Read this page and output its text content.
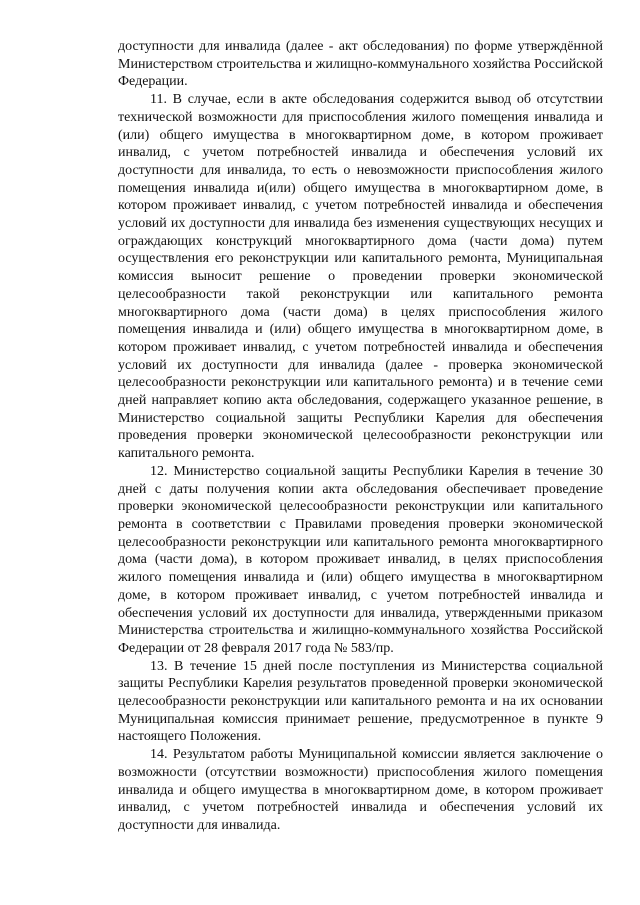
доступности для инвалида (далее - акт обследования) по форме утверждённой Министерством строительства и жилищно-коммунального хозяйства Российской Федерации.

11. В случае, если в акте обследования содержится вывод об отсутствии технической возможности для приспособления жилого помещения инвалида и (или) общего имущества в многоквартирном доме, в котором проживает инвалид, с учетом потребностей инвалида и обеспечения условий их доступности для инвалида, то есть о невозможности приспособления жилого помещения инвалида и(или) общего имущества в многоквартирном доме, в котором проживает инвалид, с учетом потребностей инвалида и обеспечения условий их доступности для инвалида без изменения существующих несущих и ограждающих конструкций многоквартирного дома (части дома) путем осуществления его реконструкции или капитального ремонта, Муниципальная комиссия выносит решение о проведении проверки экономической целесообразности такой реконструкции или капитального ремонта многоквартирного дома (части дома) в целях приспособления жилого помещения инвалида и (или) общего имущества в многоквартирном доме, в котором проживает инвалид, с учетом потребностей инвалида и обеспечения условий их доступности для инвалида (далее - проверка экономической целесообразности реконструкции или капитального ремонта) и в течение семи дней направляет копию акта обследования, содержащего указанное решение, в Министерство социальной защиты Республики Карелия для обеспечения проведения проверки экономической целесообразности реконструкции или капитального ремонта.

12. Министерство социальной защиты Республики Карелия в течение 30 дней с даты получения копии акта обследования обеспечивает проведение проверки экономической целесообразности реконструкции или капитального ремонта в соответствии с Правилами проведения проверки экономической целесообразности реконструкции или капитального ремонта многоквартирного дома (части дома), в котором проживает инвалид, в целях приспособления жилого помещения инвалида и (или) общего имущества в многоквартирном доме, в котором проживает инвалид, с учетом потребностей инвалида и обеспечения условий их доступности для инвалида, утвержденными приказом Министерства строительства и жилищно-коммунального хозяйства Российской Федерации от 28 февраля 2017 года № 583/пр.

13. В течение 15 дней после поступления из Министерства социальной защиты Республики Карелия результатов проведенной проверки экономической целесообразности реконструкции или капитального ремонта и на их основании Муниципальная комиссия принимает решение, предусмотренное в пункте 9 настоящего Положения.

14. Результатом работы Муниципальной комиссии является заключение о возможности (отсутствии возможности) приспособления жилого помещения инвалида и общего имущества в многоквартирном доме, в котором проживает инвалид, с учетом потребностей инвалида и обеспечения условий их доступности для инвалида.
